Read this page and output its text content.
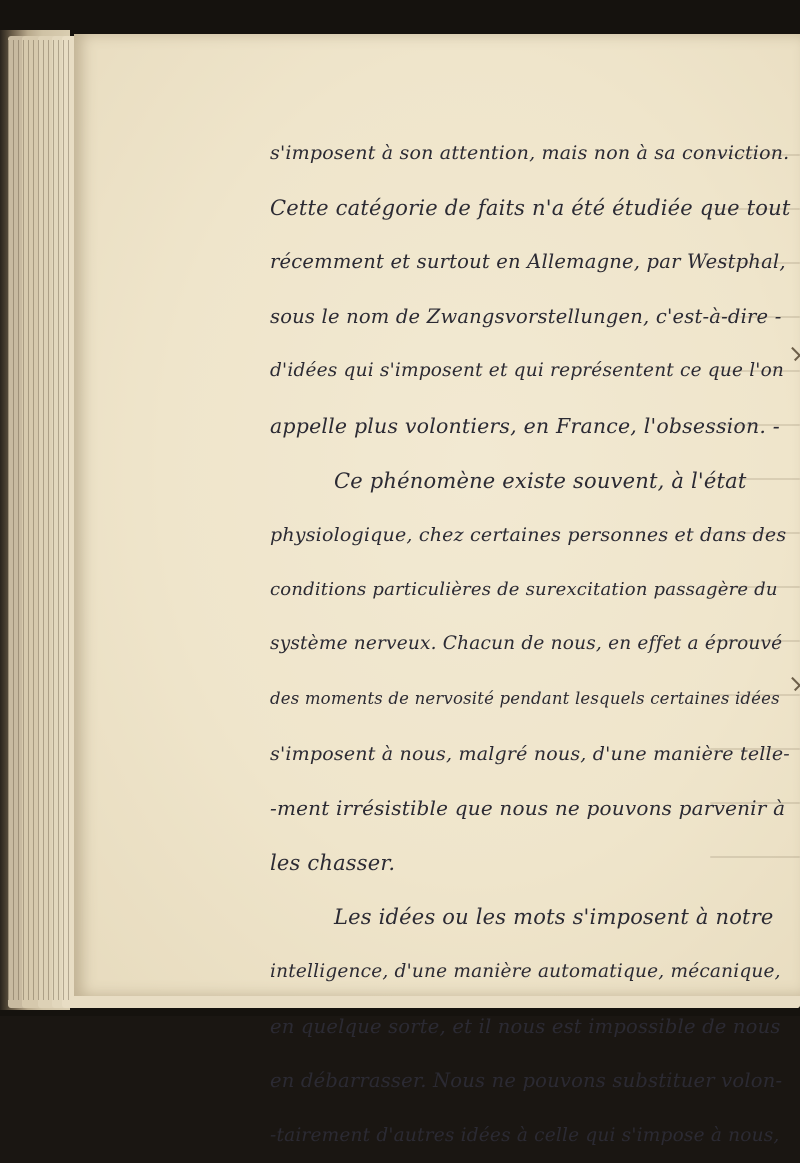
s'imposent à son attention, mais non à sa conviction.
Cette catégorie de faits n'a été étudiée que tout
récemment et surtout en Allemagne, par Westphal,
sous le nom de Zwangsvorstellungen, c'est-à-dire -
d'idées qui s'imposent et qui représentent ce que l'on
appelle plus volontiers, en France, l'obsession. -
Ce phénomène existe souvent, à l'état
physiologique, chez certaines personnes et dans des
conditions particulières de surexcitation passagère du
système nerveux. Chacun de nous, en effet a éprouvé
des moments de nervosité pendant lesquels certaines idées
s'imposent à nous, malgré nous, d'une manière telle-
-ment irrésistible que nous ne pouvons parvenir à
les chasser.
Les idées ou les mots s'imposent à notre
intelligence, d'une manière automatique, mécanique,
en quelque sorte, et il nous est impossible de nous
en débarrasser. Nous ne pouvons substituer volon-
-tairement d'autres idées à celle qui s'impose à nous,
